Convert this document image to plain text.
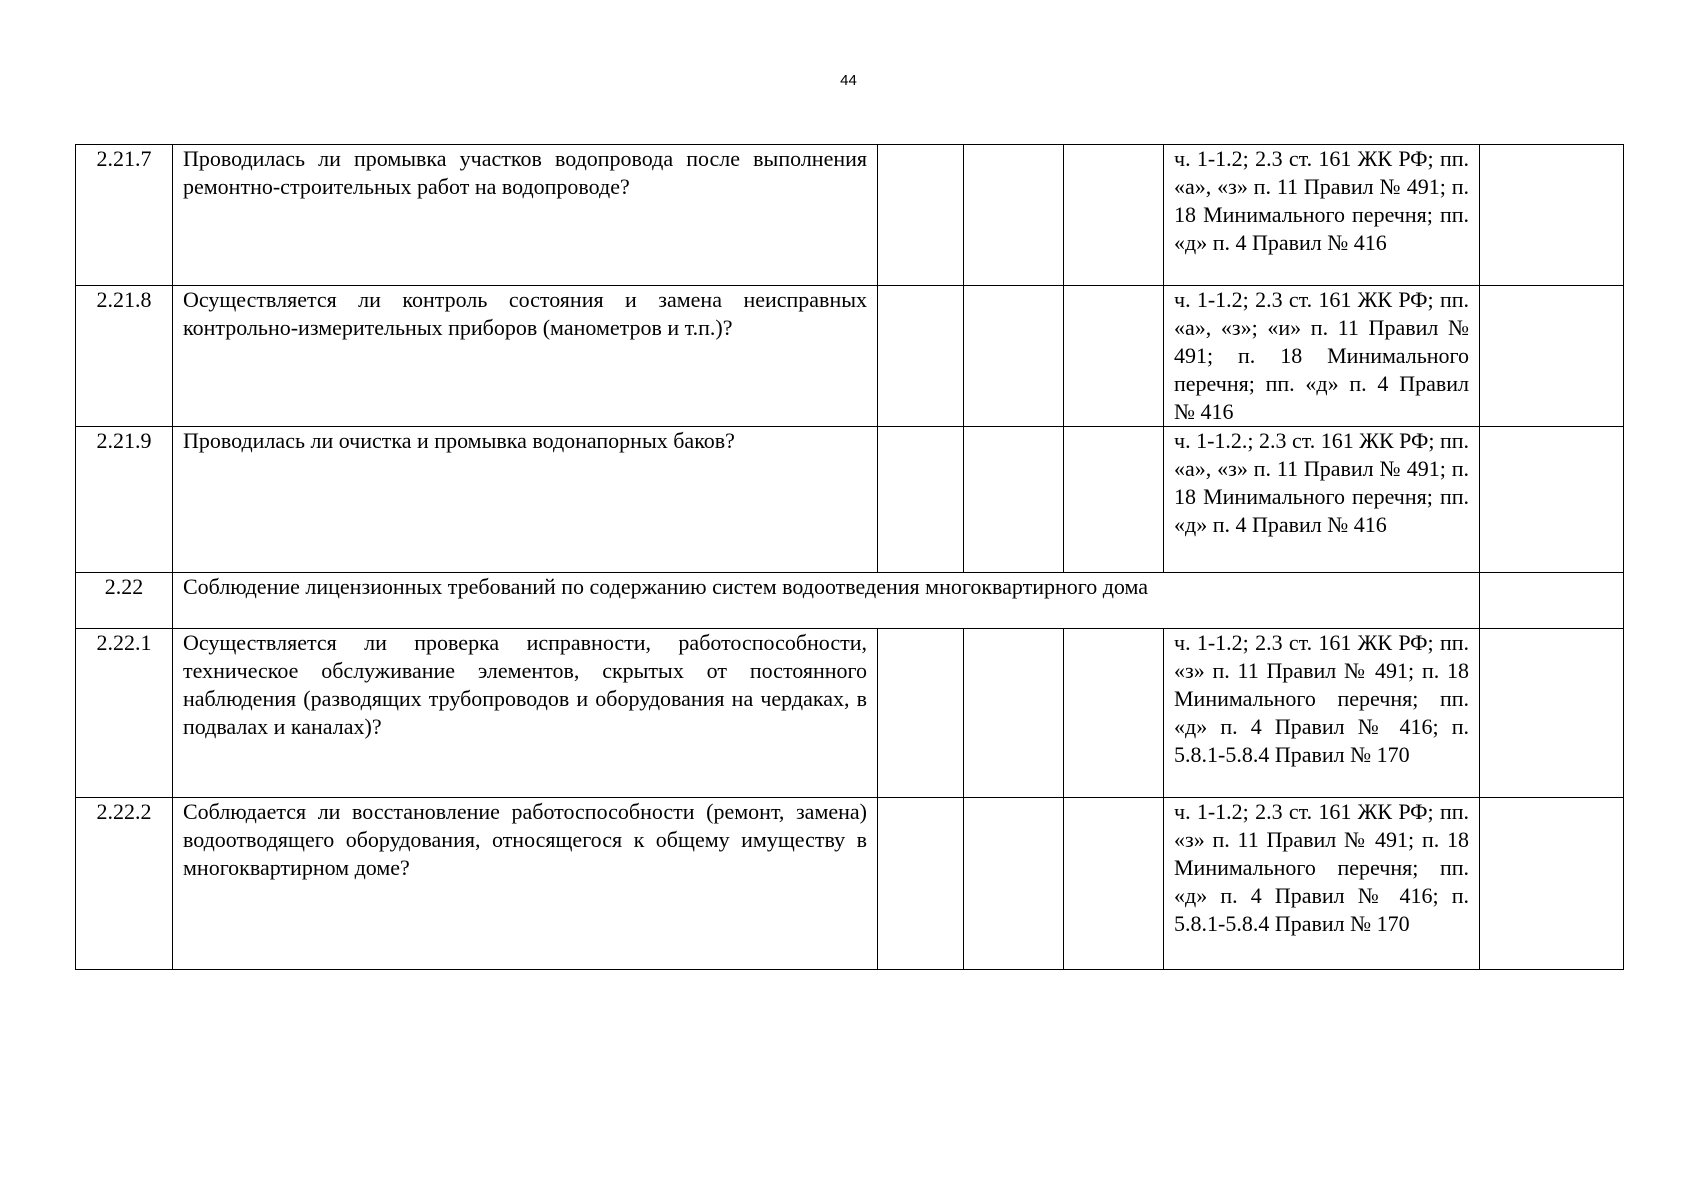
44
2.21.7	Проводилась ли промывка участков водопровода после выполнения ремонтно-строительных работ на водопроводе?				ч. 1-1.2; 2.3 ст. 161 ЖК РФ; пп. «а», «з» п. 11 Правил № 491; п. 18 Минимального перечня; пп. «д» п. 4 Правил № 416	
2.21.8	Осуществляется ли контроль состояния и замена неисправных контрольно-измерительных приборов (манометров и т.п.)?				ч. 1-1.2; 2.3 ст. 161 ЖК РФ; пп. «а», «з»; «и» п. 11 Правил № 491; п. 18 Минимального перечня; пп. «д» п. 4 Правил № 416	
2.21.9	Проводилась ли очистка и промывка водонапорных баков?				ч. 1-1.2.; 2.3 ст. 161 ЖК РФ; пп. «а», «з» п. 11 Правил № 491; п. 18 Минимального перечня; пп. «д» п. 4 Правил № 416	
2.22	Соблюдение лицензионных требований по содержанию систем водоотведения многоквартирного дома					
2.22.1	Осуществляется ли проверка исправности, работоспособности, техническое обслуживание элементов, скрытых от постоянного наблюдения (разводящих трубопроводов и оборудования на чердаках, в подвалах и каналах)?				ч. 1-1.2; 2.3 ст. 161 ЖК РФ; пп. «з» п. 11 Правил № 491; п. 18 Минимального перечня; пп. «д» п. 4 Правил № 416; п. 5.8.1-5.8.4 Правил № 170	
2.22.2	Соблюдается ли восстановление работоспособности (ремонт, замена) водоотводящего оборудования, относящегося к общему имуществу в многоквартирном доме?				ч. 1-1.2; 2.3 ст. 161 ЖК РФ; пп. «з» п. 11 Правил № 491; п. 18 Минимального перечня; пп. «д» п. 4 Правил № 416; п. 5.8.1-5.8.4 Правил № 170	
